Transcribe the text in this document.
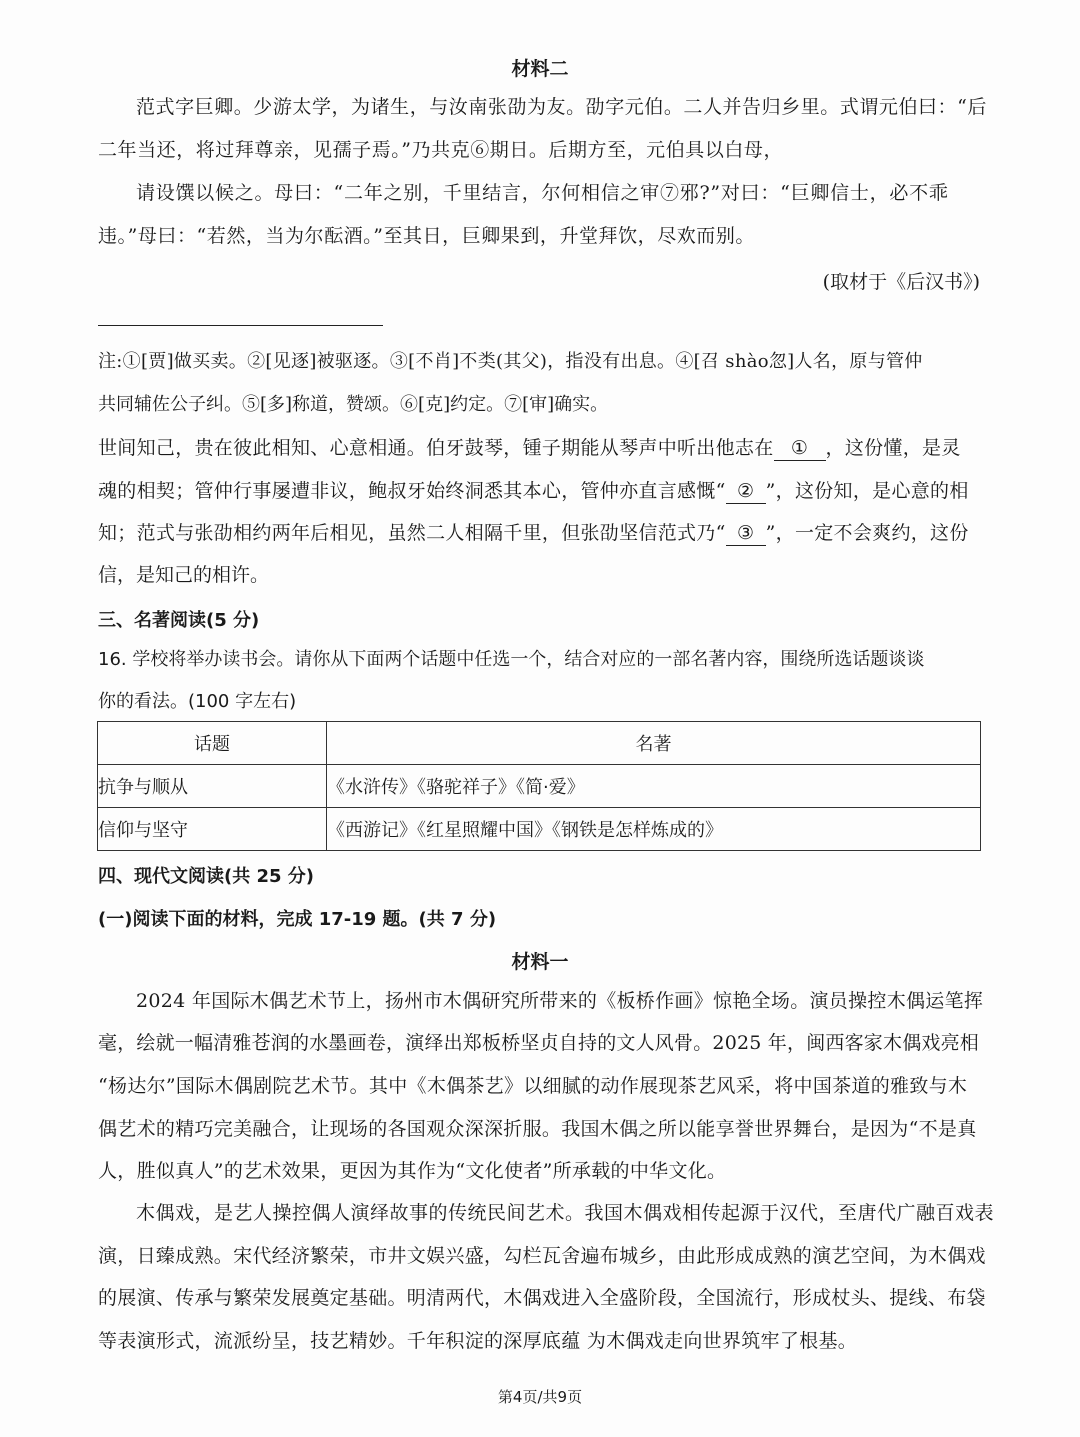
材料二
范式字巨卿。少游太学，为诸生，与汝南张劭为友。劭字元伯。二人并告归乡里。式谓元伯曰：“后
二年当还，将过拜尊亲，见孺子焉。”乃共克⑥期日。后期方至，元伯具以白母，
请设馔以候之。母曰：“二年之别，千里结言，尔何相信之审⑦邪?”对曰：“巨卿信士，必不乖
违。”母曰：“若然，当为尔酝酒。”至其日，巨卿果到，升堂拜饮，尽欢而别。
(取材于《后汉书》)
注:①[贾]做买卖。②[见逐]被驱逐。③[不肖]不类(其父)，指没有出息。④[召 shào忽]人名，原与管仲
共同辅佐公子纠。⑤[多]称道，赞颂。⑥[克]约定。⑦[审]确实。
世间知己，贵在彼此相知、心意相通。伯牙鼓琴，锺子期能从琴声中听出他志在 ① ，这份懂，是灵
魂的相契；管仲行事屡遭非议，鲍叔牙始终洞悉其本心，管仲亦直言感慨“ ② ”，这份知，是心意的相
知；范式与张劭相约两年后相见，虽然二人相隔千里，但张劭坚信范式乃“ ③ ”，一定不会爽约，这份
信，是知己的相许。
三、名著阅读(5 分)
16. 学校将举办读书会。请你从下面两个话题中任选一个，结合对应的一部名著内容，围绕所选话题谈谈
你的看法。(100 字左右)
话题	名著
抗争与顺从	《水浒传》《骆驼祥子》《简·爱》
信仰与坚守	《西游记》《红星照耀中国》《钢铁是怎样炼成的》
四、现代文阅读(共 25 分)
(一)阅读下面的材料，完成 17-19 题。(共 7 分)
材料一
2024 年国际木偶艺术节上，扬州市木偶研究所带来的《板桥作画》惊艳全场。演员操控木偶运笔挥
毫，绘就一幅清雅苍润的水墨画卷，演绎出郑板桥坚贞自持的文人风骨。2025 年，闽西客家木偶戏亮相
“杨达尔”国际木偶剧院艺术节。其中《木偶茶艺》以细腻的动作展现茶艺风采，将中国茶道的雅致与木
偶艺术的精巧完美融合，让现场的各国观众深深折服。我国木偶之所以能享誉世界舞台，是因为“不是真
人，胜似真人”的艺术效果，更因为其作为“文化使者”所承载的中华文化。
木偶戏，是艺人操控偶人演绎故事的传统民间艺术。我国木偶戏相传起源于汉代，至唐代广融百戏表
演，日臻成熟。宋代经济繁荣，市井文娱兴盛，勾栏瓦舍遍布城乡，由此形成成熟的演艺空间，为木偶戏
的展演、传承与繁荣发展奠定基础。明清两代，木偶戏进入全盛阶段，全国流行，形成杖头、提线、布袋
等表演形式，流派纷呈，技艺精妙。千年积淀的深厚底蕴 为木偶戏走向世界筑牢了根基。
第4页/共9页
